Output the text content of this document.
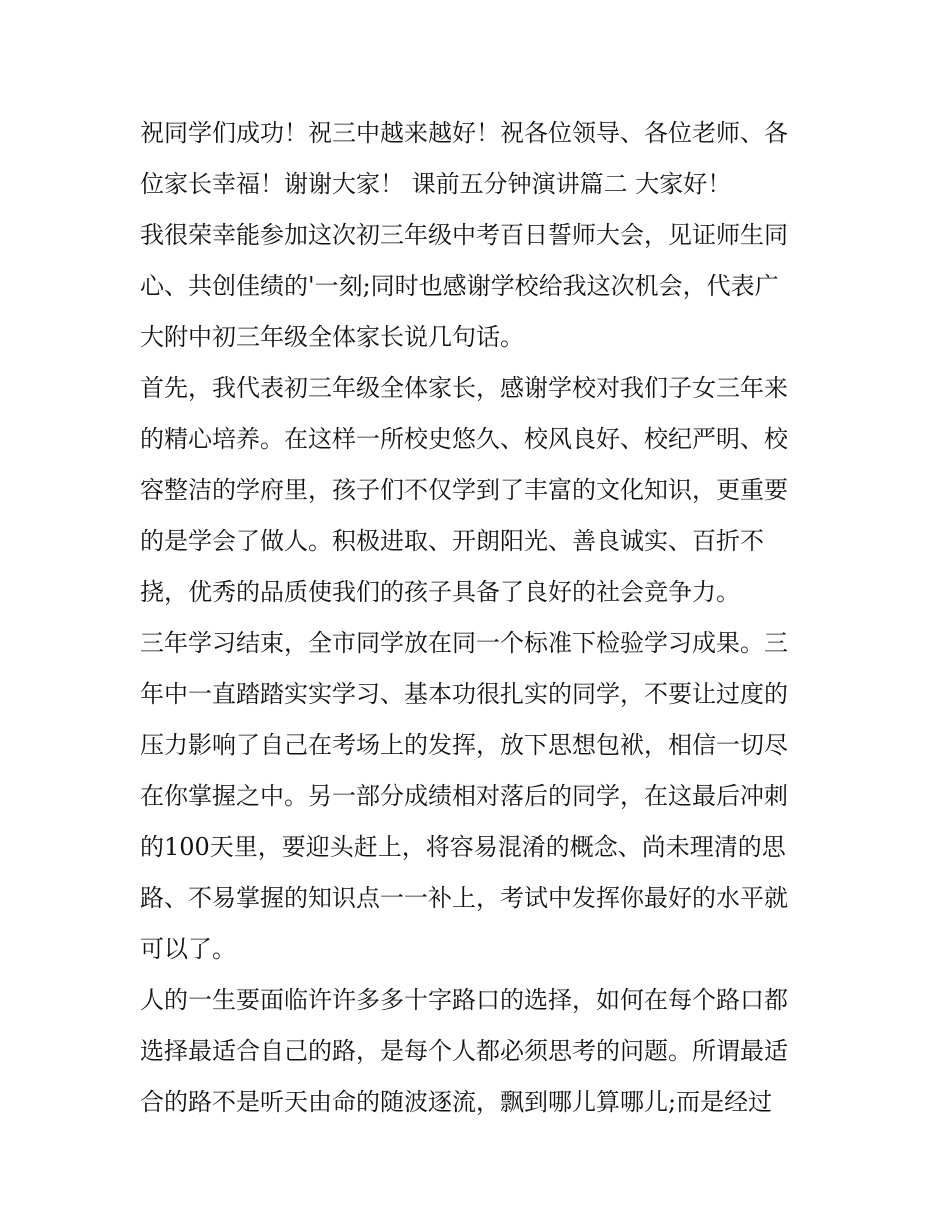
祝同学们成功！祝三中越来越好！祝各位领导、各位老师、各
位家长幸福！谢谢大家！ 课前五分钟演讲篇二 大家好！
我很荣幸能参加这次初三年级中考百日誓师大会，见证师生同
心、共创佳绩的'一刻;同时也感谢学校给我这次机会，代表广
大附中初三年级全体家长说几句话。
首先，我代表初三年级全体家长，感谢学校对我们子女三年来
的精心培养。在这样一所校史悠久、校风良好、校纪严明、校
容整洁的学府里，孩子们不仅学到了丰富的文化知识，更重要
的是学会了做人。积极进取、开朗阳光、善良诚实、百折不
挠，优秀的品质使我们的孩子具备了良好的社会竞争力。
三年学习结束，全市同学放在同一个标准下检验学习成果。三
年中一直踏踏实实学习、基本功很扎实的同学，不要让过度的
压力影响了自己在考场上的发挥，放下思想包袱，相信一切尽
在你掌握之中。另一部分成绩相对落后的同学，在这最后冲刺
的100天里，要迎头赶上，将容易混淆的概念、尚未理清的思
路、不易掌握的知识点一一补上，考试中发挥你最好的水平就
可以了。
人的一生要面临许许多多十字路口的选择，如何在每个路口都
选择最适合自己的路，是每个人都必须思考的问题。所谓最适
合的路不是听天由命的随波逐流，飘到哪儿算哪儿;而是经过
